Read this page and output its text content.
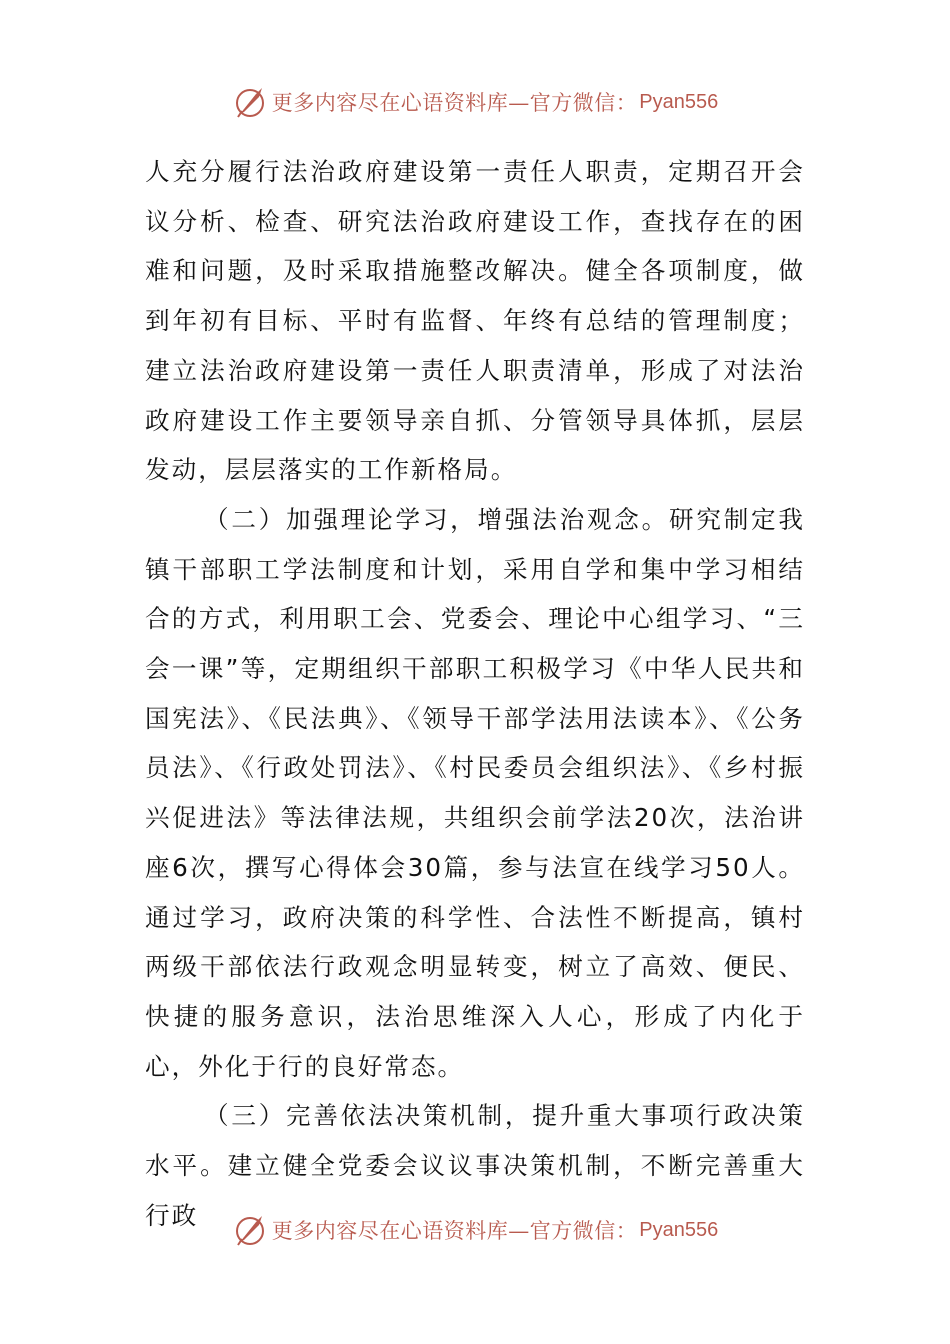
更多内容尽在心语资料库—官方微信： Pyan556

人充分履行法治政府建设第一责任人职责，定期召开会议分析、检查、研究法治政府建设工作，查找存在的困难和问题，及时采取措施整改解决。健全各项制度，做到年初有目标、平时有监督、年终有总结的管理制度；建立法治政府建设第一责任人职责清单，形成了对法治政府建设工作主要领导亲自抓、分管领导具体抓，层层发动，层层落实的工作新格局。

（二）加强理论学习，增强法治观念。研究制定我镇干部职工学法制度和计划，采用自学和集中学习相结合的方式，利用职工会、党委会、理论中心组学习、“三会一课”等，定期组织干部职工积极学习《中华人民共和国宪法》、《民法典》、《领导干部学法用法读本》、《公务员法》、《行政处罚法》、《村民委员会组织法》、《乡村振兴促进法》等法律法规，共组织会前学法20次，法治讲座6次，撰写心得体会30篇，参与法宣在线学习50人。通过学习，政府决策的科学性、合法性不断提高，镇村两级干部依法行政观念明显转变，树立了高效、便民、快捷的服务意识，法治思维深入人心，形成了内化于心，外化于行的良好常态。

（三）完善依法决策机制，提升重大事项行政决策水平。建立健全党委会议议事决策机制，不断完善重大行政

更多内容尽在心语资料库—官方微信： Pyan556
